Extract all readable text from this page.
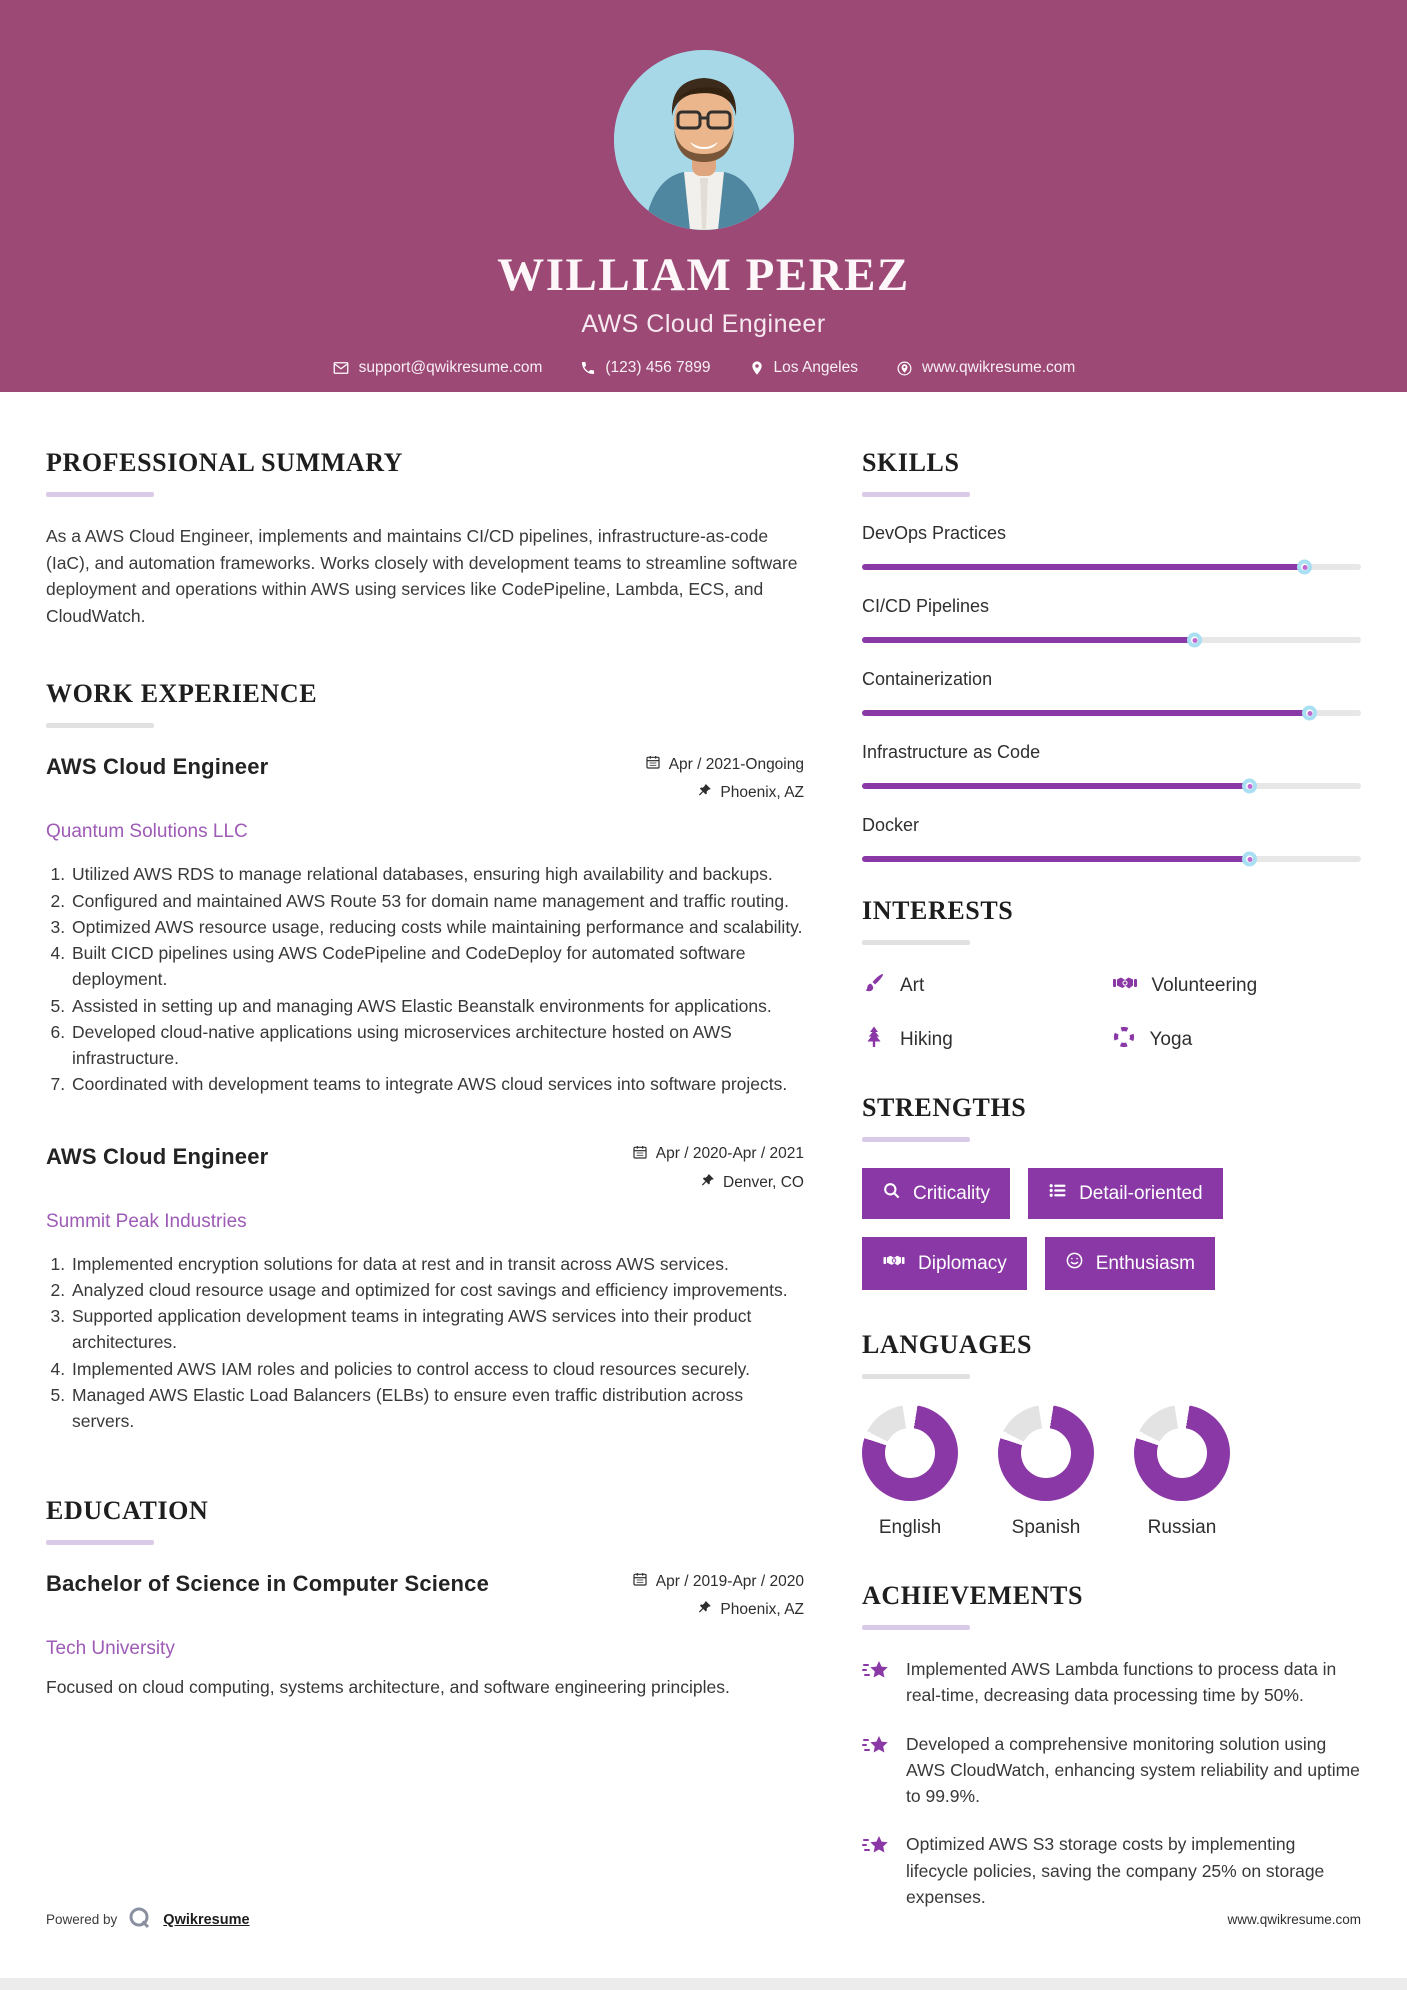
WILLIAM PEREZ
AWS Cloud Engineer
support@qwikresume.com	(123) 456 7899	Los Angeles	www.qwikresume.com
PROFESSIONAL SUMMARY

As a AWS Cloud Engineer, implements and maintains CI/CD pipelines, infrastructure-as-code (IaC), and automation frameworks. Works closely with development teams to streamline software deployment and operations within AWS using services like CodePipeline, Lambda, ECS, and CloudWatch.

WORK EXPERIENCE
AWS Cloud Engineer	Apr / 2021-Ongoing
Phoenix, AZ
Quantum Solutions LLC
1. Utilized AWS RDS to manage relational databases, ensuring high availability and backups.
2. Configured and maintained AWS Route 53 for domain name management and traffic routing.
3. Optimized AWS resource usage, reducing costs while maintaining performance and scalability.
4. Built CICD pipelines using AWS CodePipeline and CodeDeploy for automated software deployment.
5. Assisted in setting up and managing AWS Elastic Beanstalk environments for applications.
6. Developed cloud-native applications using microservices architecture hosted on AWS infrastructure.
7. Coordinated with development teams to integrate AWS cloud services into software projects.
AWS Cloud Engineer	Apr / 2020-Apr / 2021
Denver, CO
Summit Peak Industries
1. Implemented encryption solutions for data at rest and in transit across AWS services.
2. Analyzed cloud resource usage and optimized for cost savings and efficiency improvements.
3. Supported application development teams in integrating AWS services into their product architectures.
4. Implemented AWS IAM roles and policies to control access to cloud resources securely.
5. Managed AWS Elastic Load Balancers (ELBs) to ensure even traffic distribution across servers.
EDUCATION
Bachelor of Science in Computer Science	Apr / 2019-Apr / 2020
Phoenix, AZ
Tech University

Focused on cloud computing, systems architecture, and software engineering principles.

SKILLS
DevOps Practices
CI/CD Pipelines
Containerization
Infrastructure as Code
Docker
INTERESTS
Art	Volunteering
Hiking	Yoga
STRENGTHS
Criticality	Detail-oriented
Diplomacy	Enthusiasm
LANGUAGES
English	Spanish	Russian
ACHIEVEMENTS
Implemented AWS Lambda functions to process data in real-time, decreasing data processing time by 50%.
Developed a comprehensive monitoring solution using AWS CloudWatch, enhancing system reliability and uptime to 99.9%.
Optimized AWS S3 storage costs by implementing lifecycle policies, saving the company 25% on storage expenses.
Powered by	Qwikresume	www.qwikresume.com
